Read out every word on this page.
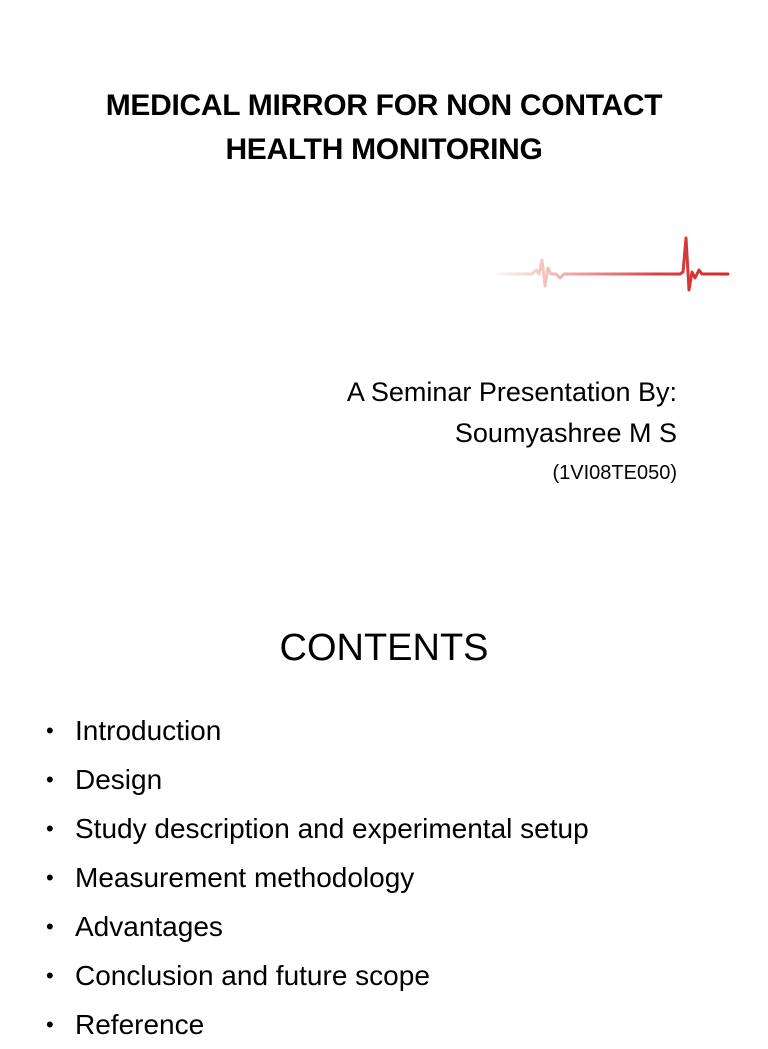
MEDICAL MIRROR FOR NON CONTACT
HEALTH MONITORING
A Seminar Presentation By:
Soumyashree M S
(1VI08TE050)
CONTENTS
• Introduction
• Design
• Study description and experimental setup
• Measurement methodology
• Advantages
• Conclusion and future scope
• Reference
